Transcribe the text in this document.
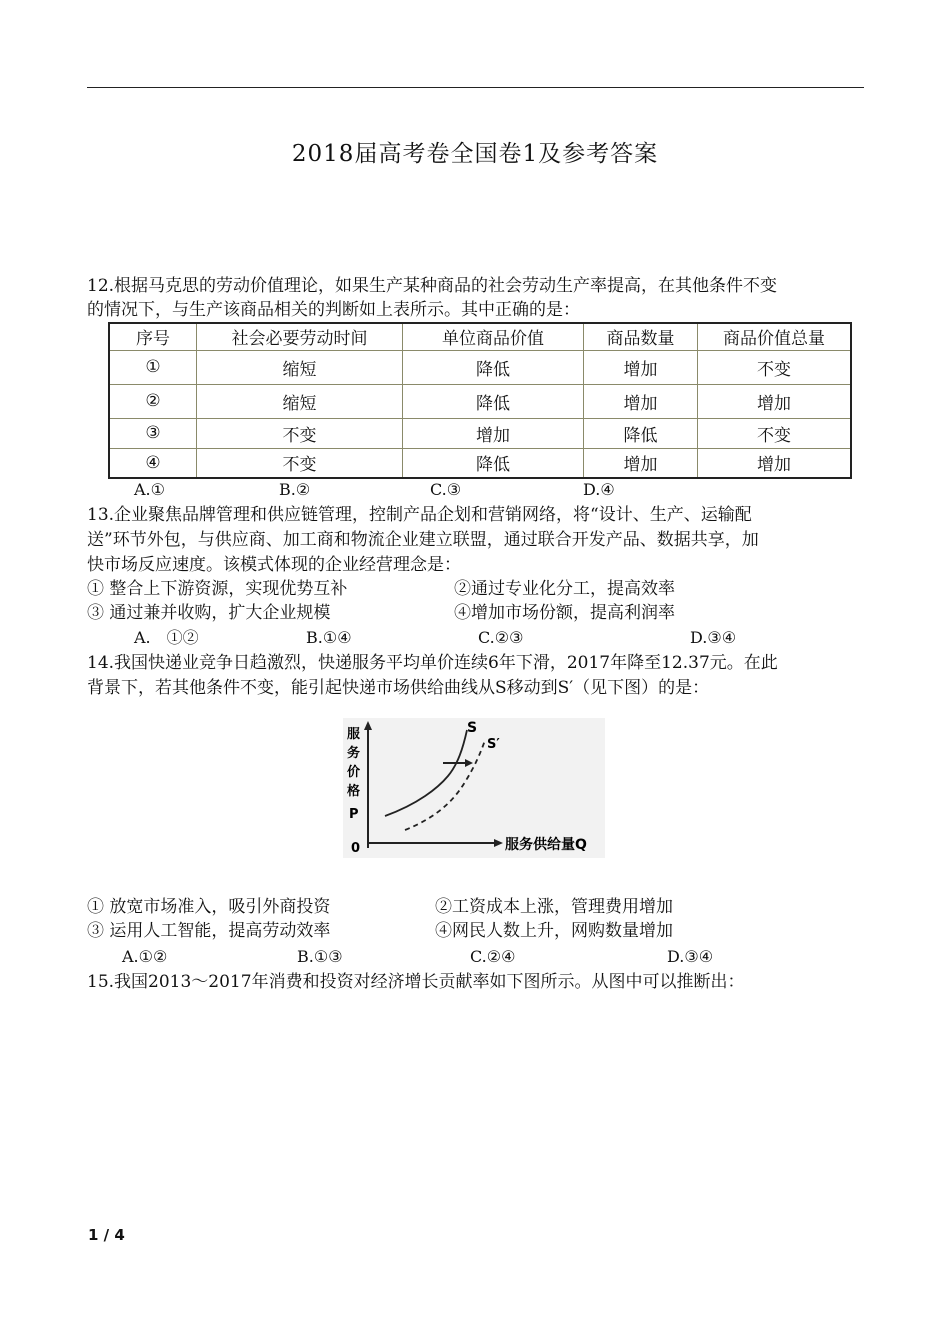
2018届高考卷全国卷1及参考答案
12.根据马克思的劳动价值理论，如果生产某种商品的社会劳动生产率提高，在其他条件不变
的情况下，与生产该商品相关的判断如上表所示。其中正确的是：
序号	社会必要劳动时间	单位商品价值	商品数量	商品价值总量
①	缩短	降低	增加	不变
②	缩短	降低	增加	增加
③	不变	增加	降低	不变
④	不变	降低	增加	增加
A.①	B.②	C.③	D.④
13.企业聚焦品牌管理和供应链管理，控制产品企划和营销网络，将“设计、生产、运输配
送”环节外包，与供应商、加工商和物流企业建立联盟，通过联合开发产品、数据共享，加
快市场反应速度。该模式体现的企业经营理念是：
① 整合上下游资源，实现优势互补	②通过专业化分工，提高效率
③ 通过兼并收购，扩大企业规模	④增加市场份额，提高利润率
A.　①②	B.①④	C.②③	D.③④
14.我国快递业竞争日趋激烈，快递服务平均单价连续6年下滑，2017年降至12.37元。在此
背景下，若其他条件不变，能引起快递市场供给曲线从S移动到S′（见下图）的是：
服
务
价
格
P
0	服务供给量Q
S
S′
① 放宽市场准入，吸引外商投资	②工资成本上涨，管理费用增加
③ 运用人工智能，提高劳动效率	④网民人数上升，网购数量增加
A.①②	B.①③	C.②④	D.③④
15.我国2013～2017年消费和投资对经济增长贡献率如下图所示。从图中可以推断出：
1 / 4
